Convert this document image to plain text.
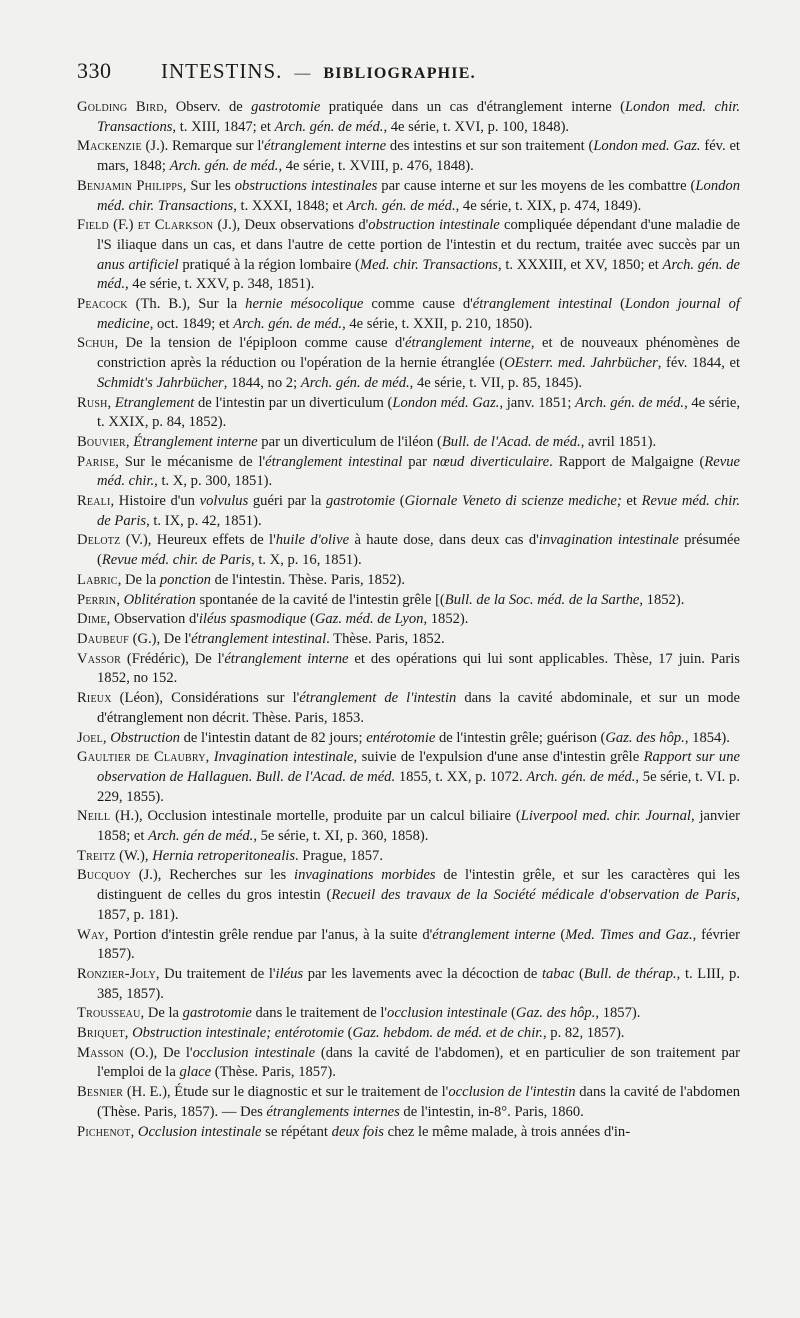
330	INTESTINS. — BIBLIOGRAPHIE.

Golding Bird, Observ. de gastrotomie pratiquée dans un cas d'étranglement interne (London med. chir. Transactions, t. XIII, 1847; et Arch. gén. de méd., 4e série, t. XVI, p. 100, 1848).

Mackenzie (J.). Remarque sur l'étranglement interne des intestins et sur son traitement (London med. Gaz. fév. et mars, 1848; Arch. gén. de méd., 4e série, t. XVIII, p. 476, 1848).

Benjamin Philipps, Sur les obstructions intestinales par cause interne et sur les moyens de les combattre (London méd. chir. Transactions, t. XXXI, 1848; et Arch. gén. de méd., 4e série, t. XIX, p. 474, 1849).

Field (F.) et Clarkson (J.), Deux observations d'obstruction intestinale compliquée dépendant d'une maladie de l'S iliaque dans un cas, et dans l'autre de cette portion de l'intestin et du rectum, traitée avec succès par un anus artificiel pratiqué à la région lombaire (Med. chir. Transactions, t. XXXIII, et XV, 1850; et Arch. gén. de méd., 4e série, t. XXV, p. 348, 1851).

Peacock (Th. B.), Sur la hernie mésocolique comme cause d'étranglement intestinal (London journal of medicine, oct. 1849; et Arch. gén. de méd., 4e série, t. XXII, p. 210, 1850).

Schuh, De la tension de l'épiploon comme cause d'étranglement interne, et de nouveaux phénomènes de constriction après la réduction ou l'opération de la hernie étranglée (OEsterr. med. Jahrbücher, fév. 1844, et Schmidt's Jahrbücher, 1844, no 2; Arch. gén. de méd., 4e série, t. VII, p. 85, 1845).

Rush, Etranglement de l'intestin par un diverticulum (London méd. Gaz., janv. 1851; Arch. gén. de méd., 4e série, t. XXIX, p. 84, 1852).

Bouvier, Étranglement interne par un diverticulum de l'iléon (Bull. de l'Acad. de méd., avril 1851).

Parise, Sur le mécanisme de l'étranglement intestinal par nœud diverticulaire. Rapport de Malgaigne (Revue méd. chir., t. X, p. 300, 1851).

Reali, Histoire d'un volvulus guéri par la gastrotomie (Giornale Veneto di scienze mediche; et Revue méd. chir. de Paris, t. IX, p. 42, 1851).

Delotz (V.), Heureux effets de l'huile d'olive à haute dose, dans deux cas d'invagination intestinale présumée (Revue méd. chir. de Paris, t. X, p. 16, 1851).

Labric, De la ponction de l'intestin. Thèse. Paris, 1852).

Perrin, Oblitération spontanée de la cavité de l'intestin grêle [(Bull. de la Soc. méd. de la Sarthe, 1852).

Dime, Observation d'iléus spasmodique (Gaz. méd. de Lyon, 1852).

Daubeuf (G.), De l'étranglement intestinal. Thèse. Paris, 1852.

Vassor (Frédéric), De l'étranglement interne et des opérations qui lui sont applicables. Thèse, 17 juin. Paris 1852, no 152.

Rieux (Léon), Considérations sur l'étranglement de l'intestin dans la cavité abdominale, et sur un mode d'étranglement non décrit. Thèse. Paris, 1853.

Joel, Obstruction de l'intestin datant de 82 jours; entérotomie de l'intestin grêle; guérison (Gaz. des hôp., 1854).

Gaultier de Claubry, Invagination intestinale, suivie de l'expulsion d'une anse d'intestin grêle Rapport sur une observation de Hallaguen. Bull. de l'Acad. de méd. 1855, t. XX, p. 1072. Arch. gén. de méd., 5e série, t. VI. p. 229, 1855).

Neill (H.), Occlusion intestinale mortelle, produite par un calcul biliaire (Liverpool med. chir. Journal, janvier 1858; et Arch. gén de méd., 5e série, t. XI, p. 360, 1858).

Treitz (W.), Hernia retroperitonealis. Prague, 1857.

Bucquoy (J.), Recherches sur les invaginations morbides de l'intestin grêle, et sur les caractères qui les distinguent de celles du gros intestin (Recueil des travaux de la Société médicale d'observation de Paris, 1857, p. 181).

Way, Portion d'intestin grêle rendue par l'anus, à la suite d'étranglement interne (Med. Times and Gaz., février 1857).

Ronzier-Joly, Du traitement de l'iléus par les lavements avec la décoction de tabac (Bull. de thérap., t. LIII, p. 385, 1857).

Trousseau, De la gastrotomie dans le traitement de l'occlusion intestinale (Gaz. des hôp., 1857).

Briquet, Obstruction intestinale; entérotomie (Gaz. hebdom. de méd. et de chir., p. 82, 1857).

Masson (O.), De l'occlusion intestinale (dans la cavité de l'abdomen), et en particulier de son traitement par l'emploi de la glace (Thèse. Paris, 1857).

Besnier (H. E.), Étude sur le diagnostic et sur le traitement de l'occlusion de l'intestin dans la cavité de l'abdomen (Thèse. Paris, 1857). — Des étranglements internes de l'intestin, in-8°. Paris, 1860.

Pichenot, Occlusion intestinale se répétant deux fois chez le même malade, à trois années d'in-
